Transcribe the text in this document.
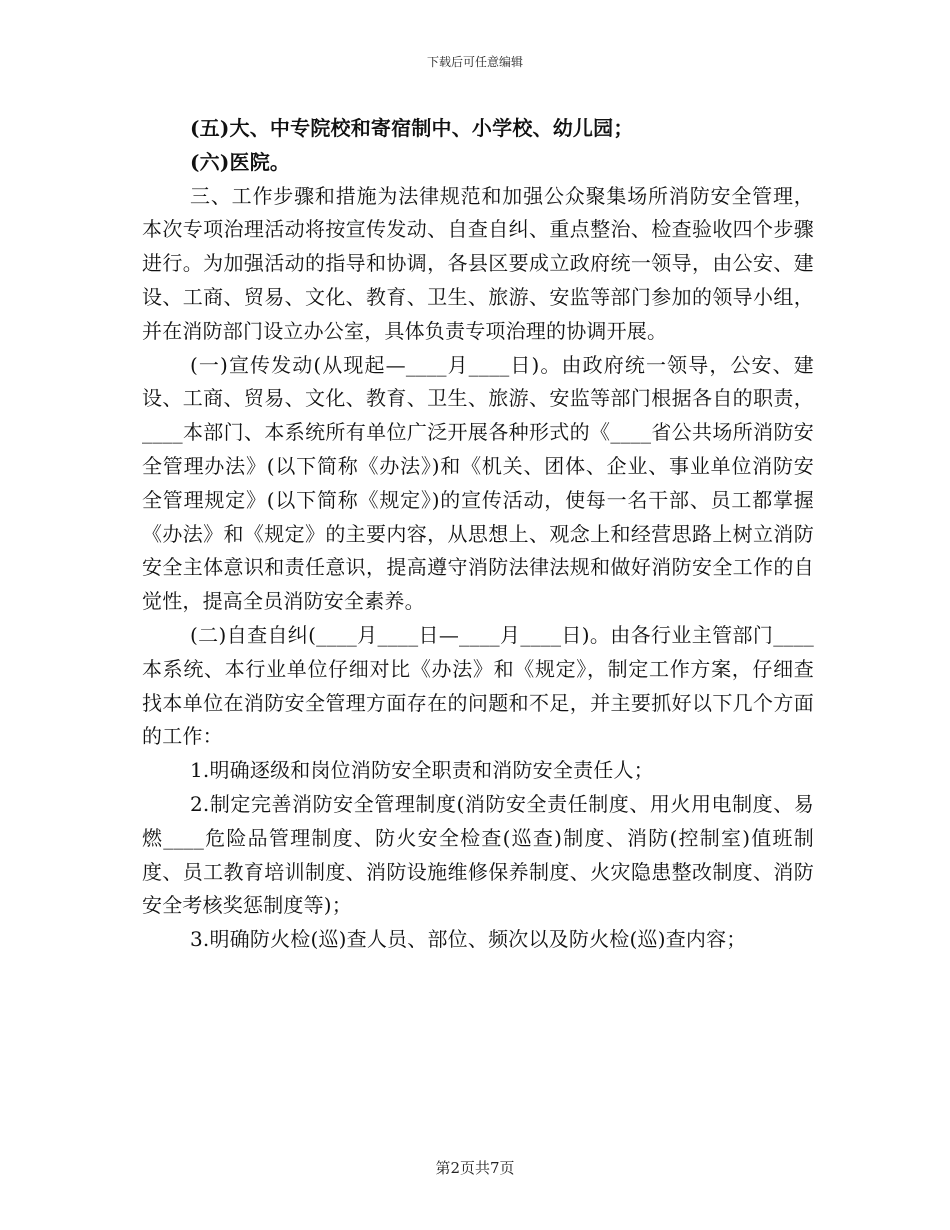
下载后可任意编辑

(五)大、中专院校和寄宿制中、小学校、幼儿园；

(六)医院。

三、工作步骤和措施为法律规范和加强公众聚集场所消防安全管理，本次专项治理活动将按宣传发动、自查自纠、重点整治、检查验收四个步骤进行。为加强活动的指导和协调，各县区要成立政府统一领导，由公安、建设、工商、贸易、文化、教育、卫生、旅游、安监等部门参加的领导小组，并在消防部门设立办公室，具体负责专项治理的协调开展。

(一)宣传发动(从现起—____月____日)。由政府统一领导，公安、建设、工商、贸易、文化、教育、卫生、旅游、安监等部门根据各自的职责，____本部门、本系统所有单位广泛开展各种形式的《____省公共场所消防安全管理办法》(以下简称《办法》)和《机关、团体、企业、事业单位消防安全管理规定》(以下简称《规定》)的宣传活动，使每一名干部、员工都掌握《办法》和《规定》的主要内容，从思想上、观念上和经营思路上树立消防安全主体意识和责任意识，提高遵守消防法律法规和做好消防安全工作的自觉性，提高全员消防安全素养。

(二)自查自纠(____月____日—____月____日)。由各行业主管部门____本系统、本行业单位仔细对比《办法》和《规定》，制定工作方案，仔细查找本单位在消防安全管理方面存在的问题和不足，并主要抓好以下几个方面的工作：

1.明确逐级和岗位消防安全职责和消防安全责任人；

2.制定完善消防安全管理制度(消防安全责任制度、用火用电制度、易燃____危险品管理制度、防火安全检查(巡查)制度、消防(控制室)值班制度、员工教育培训制度、消防设施维修保养制度、火灾隐患整改制度、消防安全考核奖惩制度等)；

3.明确防火检(巡)查人员、部位、频次以及防火检(巡)查内容；

第2页共7页
